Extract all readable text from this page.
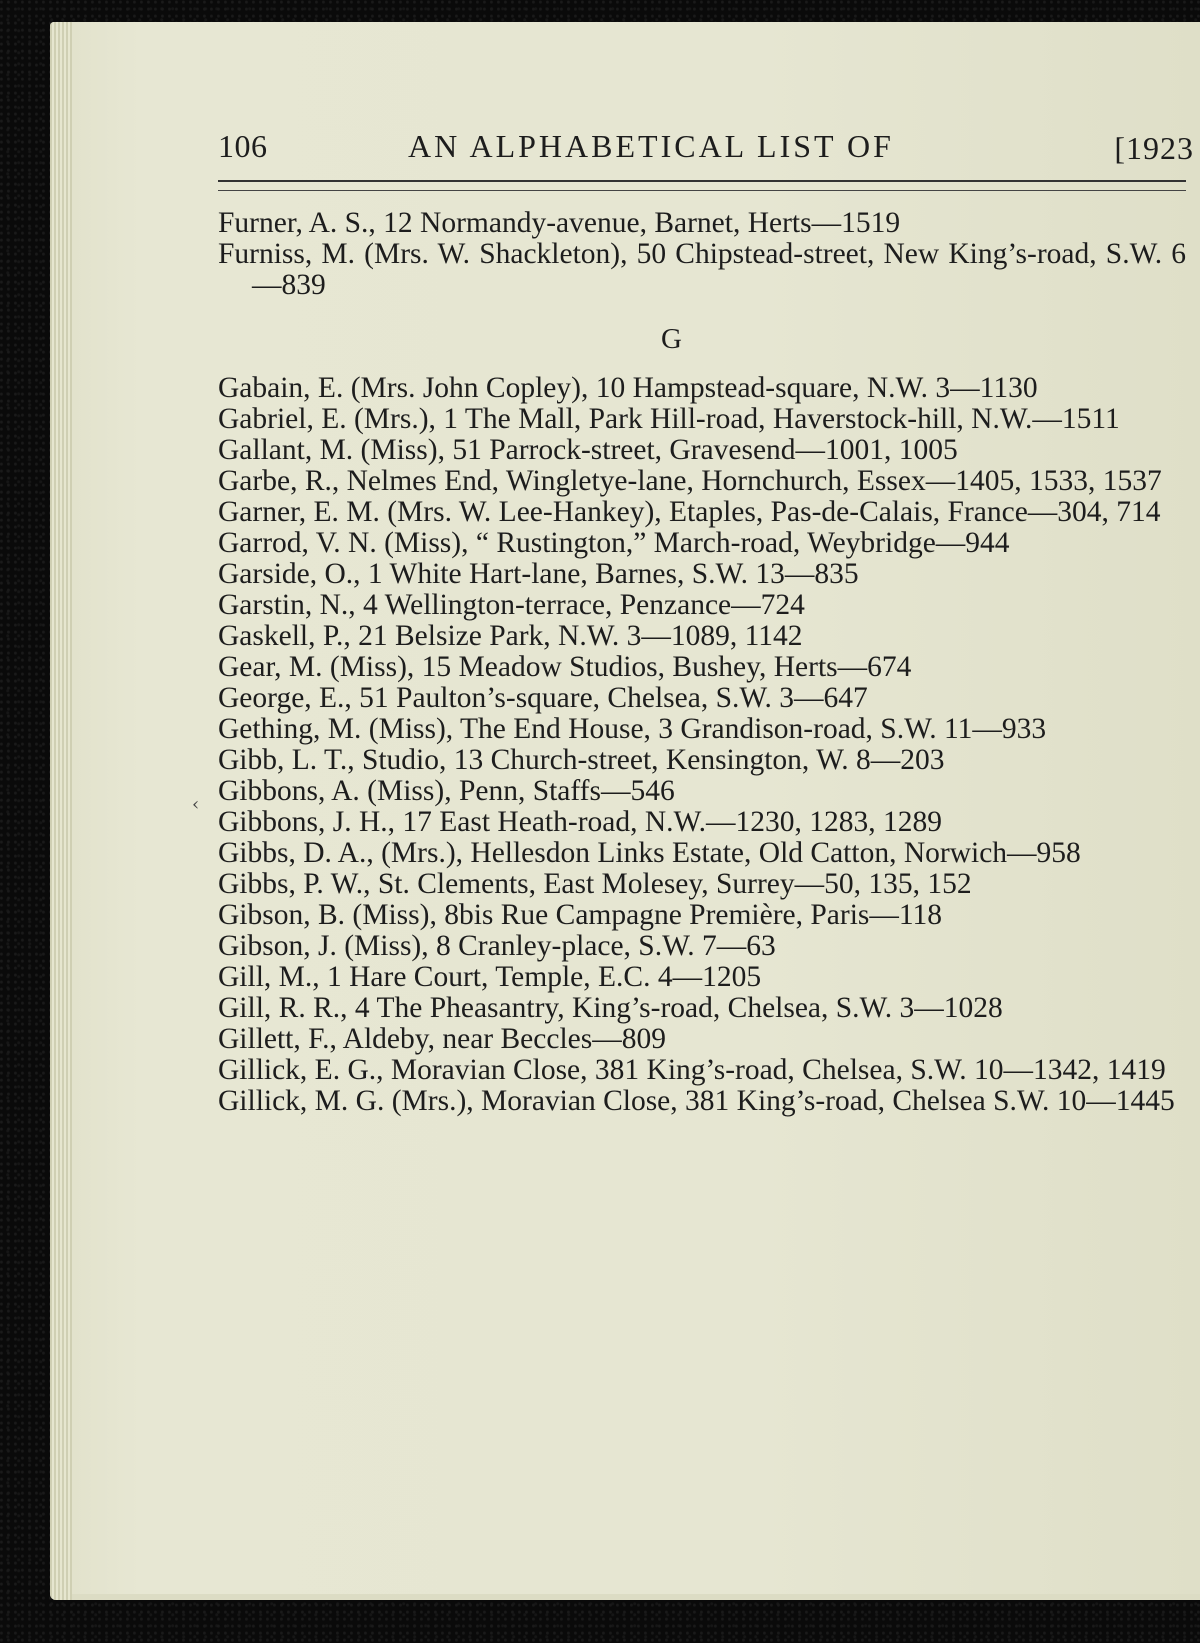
106	AN ALPHABETICAL LIST OF	[1923
‹

Furner, A. S., 12 Normandy-avenue, Barnet, Herts—1519

Furniss, M. (Mrs. W. Shackleton), 50 Chipstead-street, New King’s-road, S.W. 6—839

G

Gabain, E. (Mrs. John Copley), 10 Hampstead-square, N.W. 3—1130

Gabriel, E. (Mrs.), 1 The Mall, Park Hill-road, Haverstock-hill, N.W.—1511

Gallant, M. (Miss), 51 Parrock-street, Gravesend—1001, 1005

Garbe, R., Nelmes End, Wingletye-lane, Hornchurch, Essex—1405, 1533, 1537

Garner, E. M. (Mrs. W. Lee-Hankey), Etaples, Pas-de-Calais, France—304, 714

Garrod, V. N. (Miss), “ Rustington,” March-road, Weybridge—944

Garside, O., 1 White Hart-lane, Barnes, S.W. 13—835

Garstin, N., 4 Wellington-terrace, Penzance—724

Gaskell, P., 21 Belsize Park, N.W. 3—1089, 1142

Gear, M. (Miss), 15 Meadow Studios, Bushey, Herts—674

George, E., 51 Paulton’s-square, Chelsea, S.W. 3—647

Gething, M. (Miss), The End House, 3 Grandison-road, S.W. 11—933

Gibb, L. T., Studio, 13 Church-street, Kensington, W. 8—203

Gibbons, A. (Miss), Penn, Staffs—546

Gibbons, J. H., 17 East Heath-road, N.W.—1230, 1283, 1289

Gibbs, D. A., (Mrs.), Hellesdon Links Estate, Old Catton, Norwich—958

Gibbs, P. W., St. Clements, East Molesey, Surrey—50, 135, 152

Gibson, B. (Miss), 8bis Rue Campagne Première, Paris—118

Gibson, J. (Miss), 8 Cranley-place, S.W. 7—63

Gill, M., 1 Hare Court, Temple, E.C. 4—1205

Gill, R. R., 4 The Pheasantry, King’s-road, Chelsea, S.W. 3—1028

Gillett, F., Aldeby, near Beccles—809

Gillick, E. G., Moravian Close, 381 King’s-road, Chelsea, S.W. 10—1342, 1419

Gillick, M. G. (Mrs.), Moravian Close, 381 King’s-road, Chelsea S.W. 10—1445
